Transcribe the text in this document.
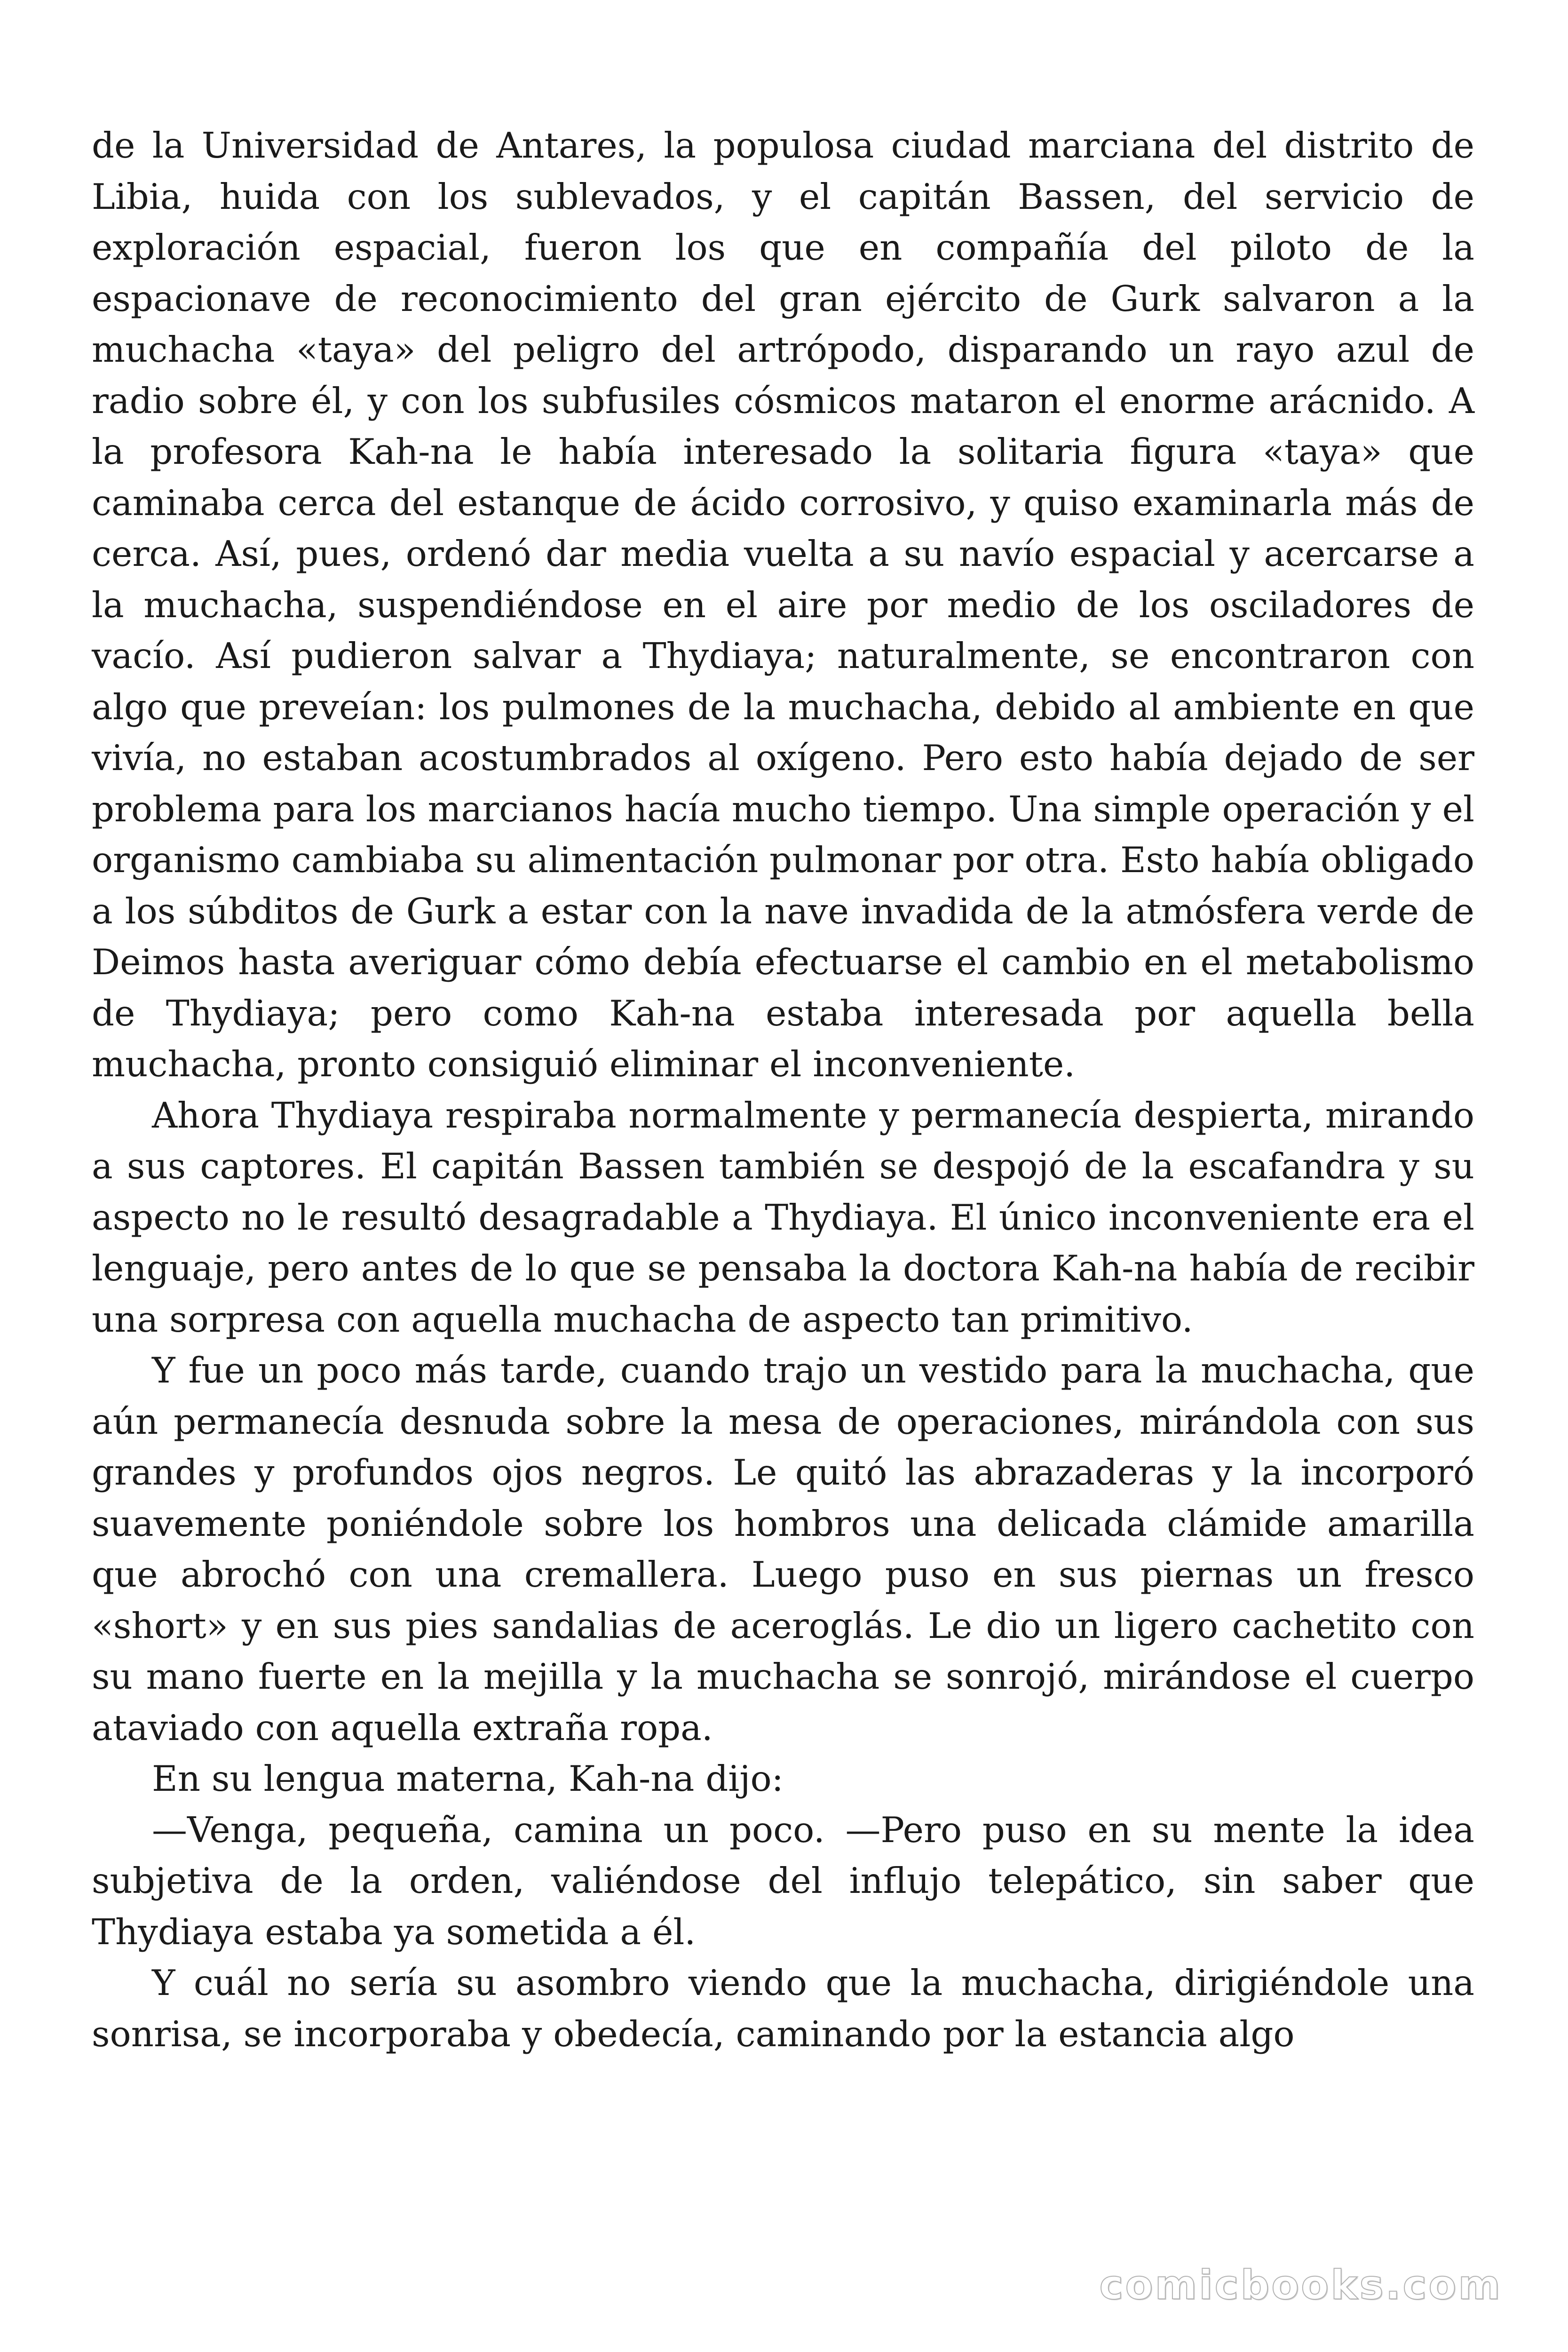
de la Universidad de Antares, la populosa ciudad marciana del distrito de Libia, huida con los sublevados, y el capitán Bassen, del servicio de exploración espacial, fueron los que en compañía del piloto de la espacionave de reconocimiento del gran ejército de Gurk salvaron a la muchacha «taya» del peligro del artrópodo, disparando un rayo azul de radio sobre él, y con los subfusiles cósmicos mataron el enorme arácnido. A la profesora Kah-na le había interesado la solitaria figura «taya» que caminaba cerca del estanque de ácido corrosivo, y quiso examinarla más de cerca. Así, pues, ordenó dar media vuelta a su navío espacial y acercarse a la muchacha, suspendiéndose en el aire por medio de los osciladores de vacío. Así pudieron salvar a Thydiaya; naturalmente, se encontraron con algo que preveían: los pulmones de la muchacha, debido al ambiente en que vivía, no estaban acostumbrados al oxígeno. Pero esto había dejado de ser problema para los marcianos hacía mucho tiempo. Una simple operación y el organismo cambiaba su alimentación pulmonar por otra. Esto había obligado a los súbditos de Gurk a estar con la nave invadida de la atmósfera verde de Deimos hasta averiguar cómo debía efectuarse el cambio en el metabolismo de Thydiaya; pero como Kah-na estaba interesada por aquella bella muchacha, pronto consiguió eliminar el inconveniente.

Ahora Thydiaya respiraba normalmente y permanecía despierta, mirando a sus captores. El capitán Bassen también se despojó de la escafandra y su aspecto no le resultó desagradable a Thydiaya. El único inconveniente era el lenguaje, pero antes de lo que se pensaba la doctora Kah-na había de recibir una sorpresa con aquella muchacha de aspecto tan primitivo.

Y fue un poco más tarde, cuando trajo un vestido para la muchacha, que aún permanecía desnuda sobre la mesa de operaciones, mirándola con sus grandes y profundos ojos negros. Le quitó las abrazaderas y la incorporó suavemente poniéndole sobre los hombros una delicada clámide amarilla que abrochó con una cremallera. Luego puso en sus piernas un fresco «short» y en sus pies sandalias de aceroglás. Le dio un ligero cachetito con su mano fuerte en la mejilla y la muchacha se sonrojó, mirándose el cuerpo ataviado con aquella extraña ropa.

En su lengua materna, Kah-na dijo:

—Venga, pequeña, camina un poco. —Pero puso en su mente la idea subjetiva de la orden, valiéndose del influjo telepático, sin saber que Thydiaya estaba ya sometida a él.

Y cuál no sería su asombro viendo que la muchacha, dirigiéndole una sonrisa, se incorporaba y obedecía, caminando por la estancia algo

comicbooks.com
